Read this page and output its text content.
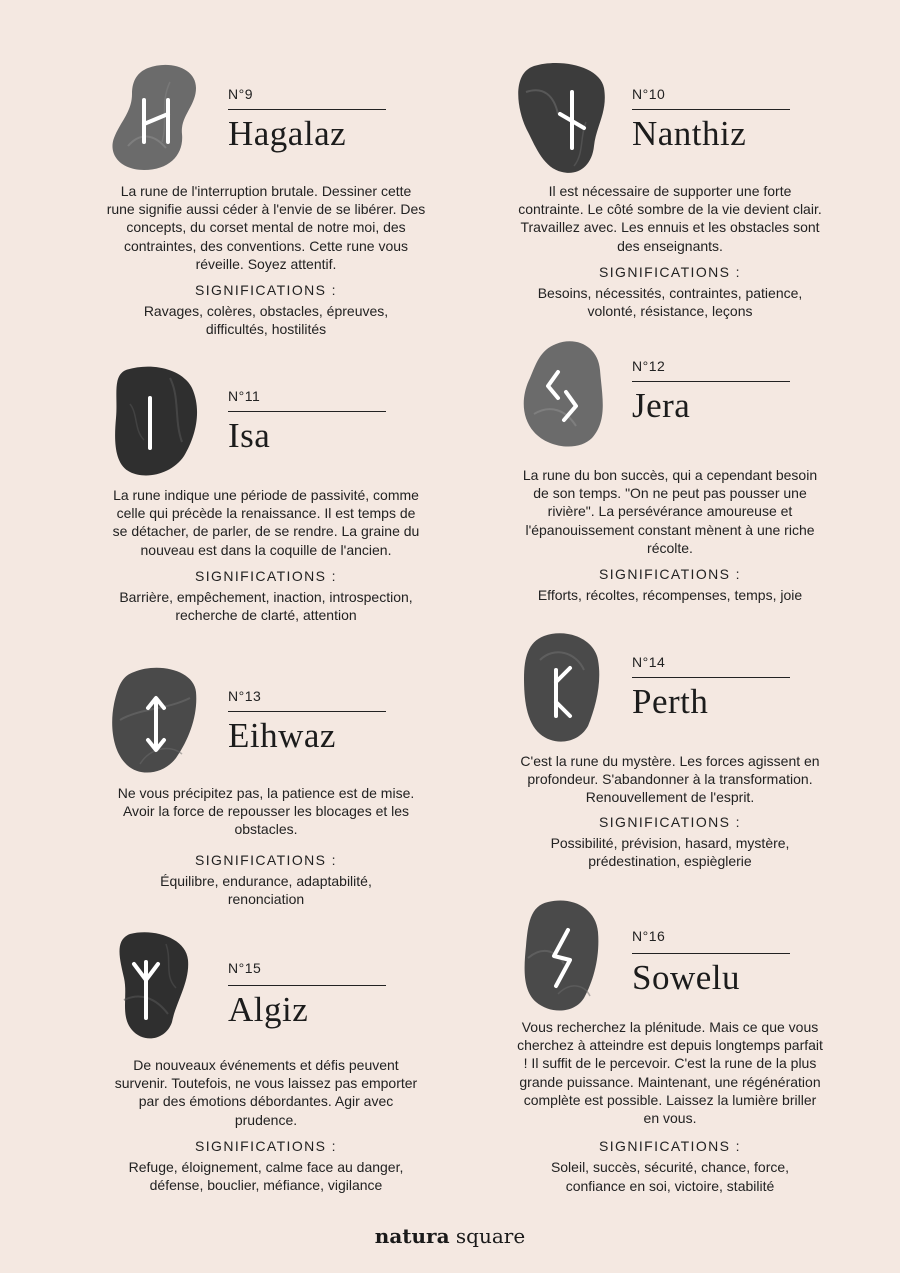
N°9
Hagalaz
La rune de l'interruption brutale. Dessiner cette rune signifie aussi céder à l'envie de se libérer. Des concepts, du corset mental de notre moi, des contraintes, des conventions. Cette rune vous réveille. Soyez attentif.
SIGNIFICATIONS :
Ravages, colères, obstacles, épreuves, difficultés, hostilités
N°10
Nanthiz
Il est nécessaire de supporter une forte contrainte. Le côté sombre de la vie devient clair. Travaillez avec. Les ennuis et les obstacles sont des enseignants.
SIGNIFICATIONS :
Besoins, nécessités, contraintes, patience, volonté, résistance, leçons
N°11
Isa
La rune indique une période de passivité, comme celle qui précède la renaissance. Il est temps de se détacher, de parler, de se rendre. La graine du nouveau est dans la coquille de l'ancien.
SIGNIFICATIONS :
Barrière, empêchement, inaction, introspection, recherche de clarté, attention
N°12
Jera
La rune du bon succès, qui a cependant besoin de son temps. "On ne peut pas pousser une rivière". La persévérance amoureuse et l'épanouissement constant mènent à une riche récolte.
SIGNIFICATIONS :
Efforts, récoltes, récompenses, temps, joie
N°13
Eihwaz
Ne vous précipitez pas, la patience est de mise. Avoir la force de repousser les blocages et les obstacles.
SIGNIFICATIONS :
Équilibre, endurance, adaptabilité, renonciation
N°14
Perth
C'est la rune du mystère. Les forces agissent en profondeur. S'abandonner à la transformation. Renouvellement de l'esprit.
SIGNIFICATIONS :
Possibilité, prévision, hasard, mystère, prédestination, espièglerie
N°15
Algiz
De nouveaux événements et défis peuvent survenir. Toutefois, ne vous laissez pas emporter par des émotions débordantes. Agir avec prudence.
SIGNIFICATIONS :
Refuge, éloignement, calme face au danger, défense, bouclier, méfiance, vigilance
N°16
Sowelu
Vous recherchez la plénitude. Mais ce que vous cherchez à atteindre est depuis longtemps parfait ! Il suffit de le percevoir. C'est la rune de la plus grande puissance. Maintenant, une régénération complète est possible. Laissez la lumière briller en vous.
SIGNIFICATIONS :
Soleil, succès, sécurité, chance, force, confiance en soi, victoire, stabilité
natura square
